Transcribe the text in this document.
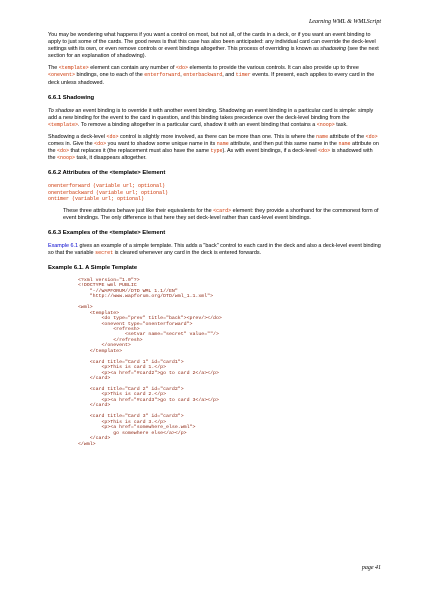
Learning WML & WMLScript

You may be wondering what happens if you want a control on most, but not all, of the cards in a deck, or if you want an event binding to apply to just some of the cards. The good news is that this case has also been anticipated: any individual card can override the deck-level settings with its own, or even remove controls or event bindings altogether. This process of overriding is known as shadowing (see the next section for an explanation of shadowing).

The <template> element can contain any number of <do> elements to provide the various controls. It can also provide up to three <onevent> bindings, one to each of the enterforward, enterbackward, and timer events. If present, each applies to every card in the deck unless shadowed.

6.6.1 Shadowing

To shadow an event binding is to override it with another event binding. Shadowing an event binding in a particular card is simple: simply add a new binding for the event to the card in question, and this binding takes precedence over the deck-level binding from the <template>. To remove a binding altogether in a particular card, shadow it with an event binding that contains a <noop> task.

Shadowing a deck-level <do> control is slightly more involved, as there can be more than one. This is where the name attribute of the <do> comes in. Give the <do> you want to shadow some unique name in its name attribute, and then put this same name in the name attribute on the <do> that replaces it (the replacement must also have the same type). As with event bindings, if a deck-level <do> is shadowed with the <noop> task, it disappears altogether.

6.6.2 Attributes of the <template> Element
onenterforward (variable url; optional)
onenterbackward (variable url; optional)
ontimer (variable url; optional)

These three attributes behave just like their equivalents for the <card> element: they provide a shorthand for the commonest form of event bindings. The only difference is that here they set deck-level rather than card-level event bindings.

6.6.3 Examples of the <template> Element

Example 6.1 gives an example of a simple template. This adds a "back" control to each card in the deck and also a deck-level event binding so that the variable secret is cleared whenever any card in the deck is entered forwards.

Example 6.1. A Simple Template
<?xml version="1.0"?>
<!DOCTYPE wml PUBLIC
"-//WAPFORUM//DTD WML 1.1//EN"
"http://www.wapforum.org/DTD/wml_1.1.xml">

<wml>
<template>
<do type="prev" title="back"><prev/></do>
<onevent type="onenterforward">
<refresh>
<setvar name="secret" value=""/>
</refresh>
</onevent>
</template>

<card title="Card 1" id="card1">
<p>This is card 1.</p>
<p><a href="#card2">go to card 2</a></p>
</card>

<card title="Card 2" id="card2">
<p>This is card 2.</p>
<p><a href="#card3">go to card 3</a></p>
</card>

<card title="Card 3" id="card3">
<p>This is card 3.</p>
<p><a href="somewhere_else.wml">
go somewhere else</a></p>
</card>
</wml>
page 41
